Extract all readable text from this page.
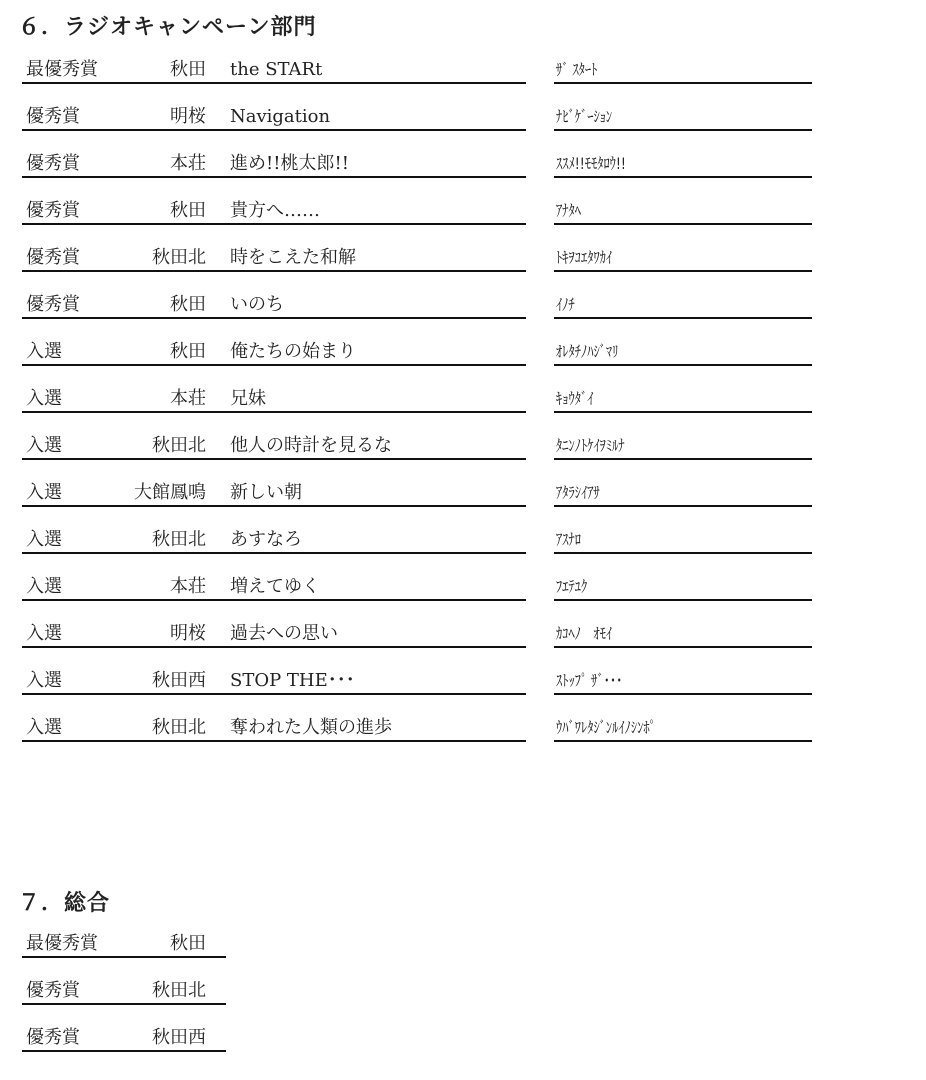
６．ラジオキャンペーン部門
最優秀賞	秋田 the STARt	ｻﾞ ｽﾀｰﾄ
優秀賞	明桜 Navigation	ﾅﾋﾞｹﾞｰｼｮﾝ
優秀賞	本荘 進め!!桃太郎!!	ｽｽﾒ!!ﾓﾓﾀﾛｳ!!
優秀賞	秋田 貴方へ……	ｱﾅﾀﾍ
優秀賞	秋田北 時をこえた和解	ﾄｷｦｺｴﾀﾜｶｲ
優秀賞	秋田 いのち	ｲﾉﾁ
入選	秋田 俺たちの始まり	ｵﾚﾀﾁﾉﾊｼﾞﾏﾘ
入選	本荘 兄妹	ｷｮｳﾀﾞｲ
入選	秋田北 他人の時計を見るな	ﾀﾆﾝﾉﾄｹｲｦﾐﾙﾅ
入選	大館鳳鳴 新しい朝	ｱﾀﾗｼｲｱｻ
入選	秋田北 あすなろ	ｱｽﾅﾛ
入選	本荘 増えてゆく	ﾌｴﾃﾕｸ
入選	明桜 過去への思い	ｶｺﾍﾉ　ｵﾓｲ
入選	秋田西 STOP THE･･･	ｽﾄｯﾌﾟ ｻﾞ･･･
入選	秋田北 奪われた人類の進歩	ｳﾊﾞﾜﾚﾀｼﾞﾝﾙｲﾉｼﾝﾎﾟ
７．総合
最優秀賞	秋田
優秀賞	秋田北
優秀賞	秋田西
